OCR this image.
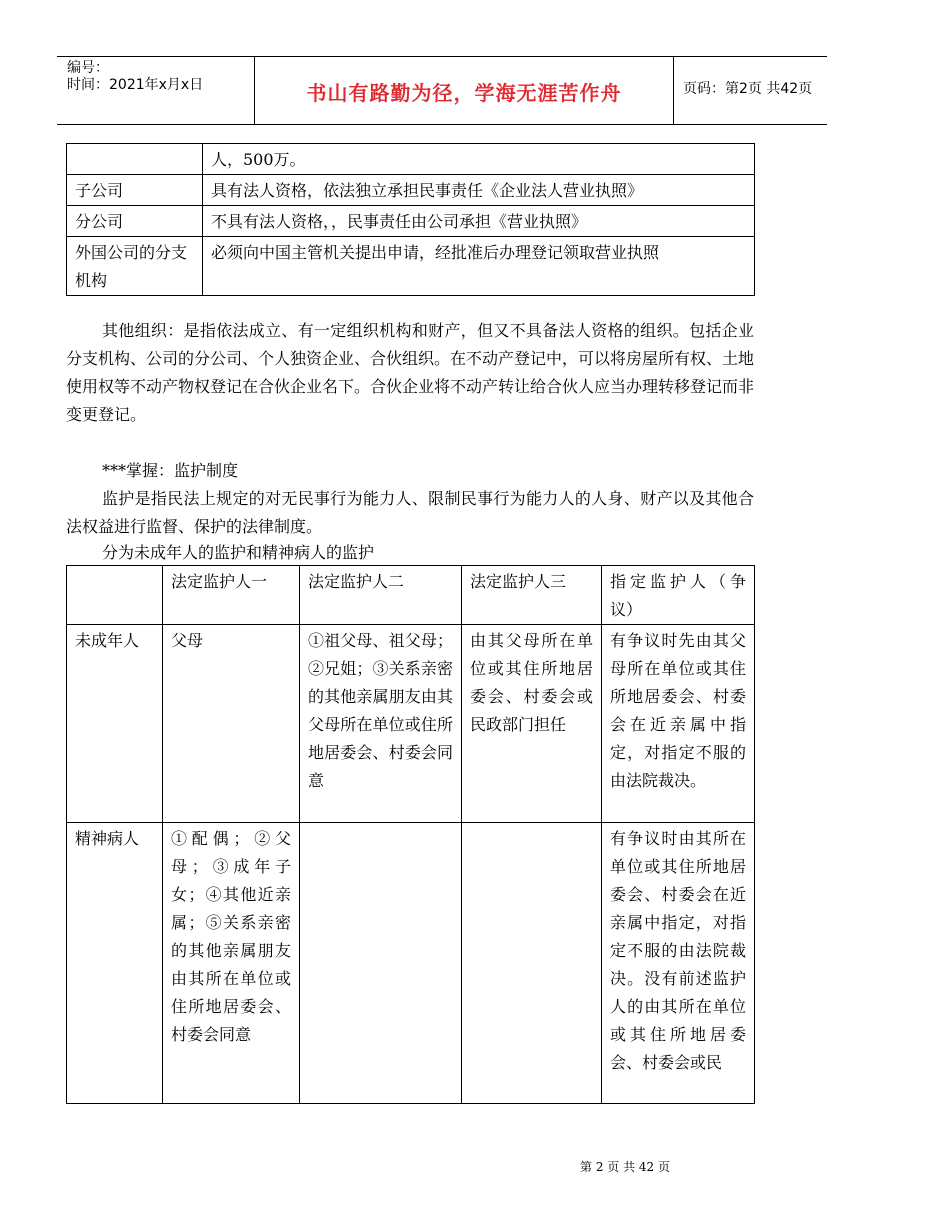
编号：
时间：2021年x月x日	书山有路勤为径，学海无涯苦作舟	页码：第2页 共42页
	人，500万。
子公司	具有法人资格，依法独立承担民事责任《企业法人营业执照》
分公司	不具有法人资格，，民事责任由公司承担《营业执照》
外国公司的分支机构	必须向中国主管机关提出申请，经批准后办理登记领取营业执照
其他组织：是指依法成立、有一定组织机构和财产，但又不具备法人资格的组织。包括企业分支机构、公司的分公司、个人独资企业、合伙组织。在不动产登记中，可以将房屋所有权、土地使用权等不动产物权登记在合伙企业名下。合伙企业将不动产转让给合伙人应当办理转移登记而非变更登记。
***掌握：监护制度
监护是指民法上规定的对无民事行为能力人、限制民事行为能力人的人身、财产以及其他合法权益进行监督、保护的法律制度。
分为未成年人的监护和精神病人的监护
	法定监护人一	法定监护人二	法定监护人三	指定监护人（争议）
未成年人	父母	①祖父母、祖父母；②兄姐；③关系亲密的其他亲属朋友由其父母所在单位或住所地居委会、村委会同意	由其父母所在单位或其住所地居委会、村委会或民政部门担任	有争议时先由其父母所在单位或其住所地居委会、村委会在近亲属中指定，对指定不服的由法院裁决。
精神病人	①配偶；②父母；③成年子女；④其他近亲属；⑤关系亲密的其他亲属朋友由其所在单位或住所地居委会、村委会同意			有争议时由其所在单位或其住所地居委会、村委会在近亲属中指定，对指定不服的由法院裁决。没有前述监护人的由其所在单位或其住所地居委会、村委会或民
第 2 页 共 42 页
